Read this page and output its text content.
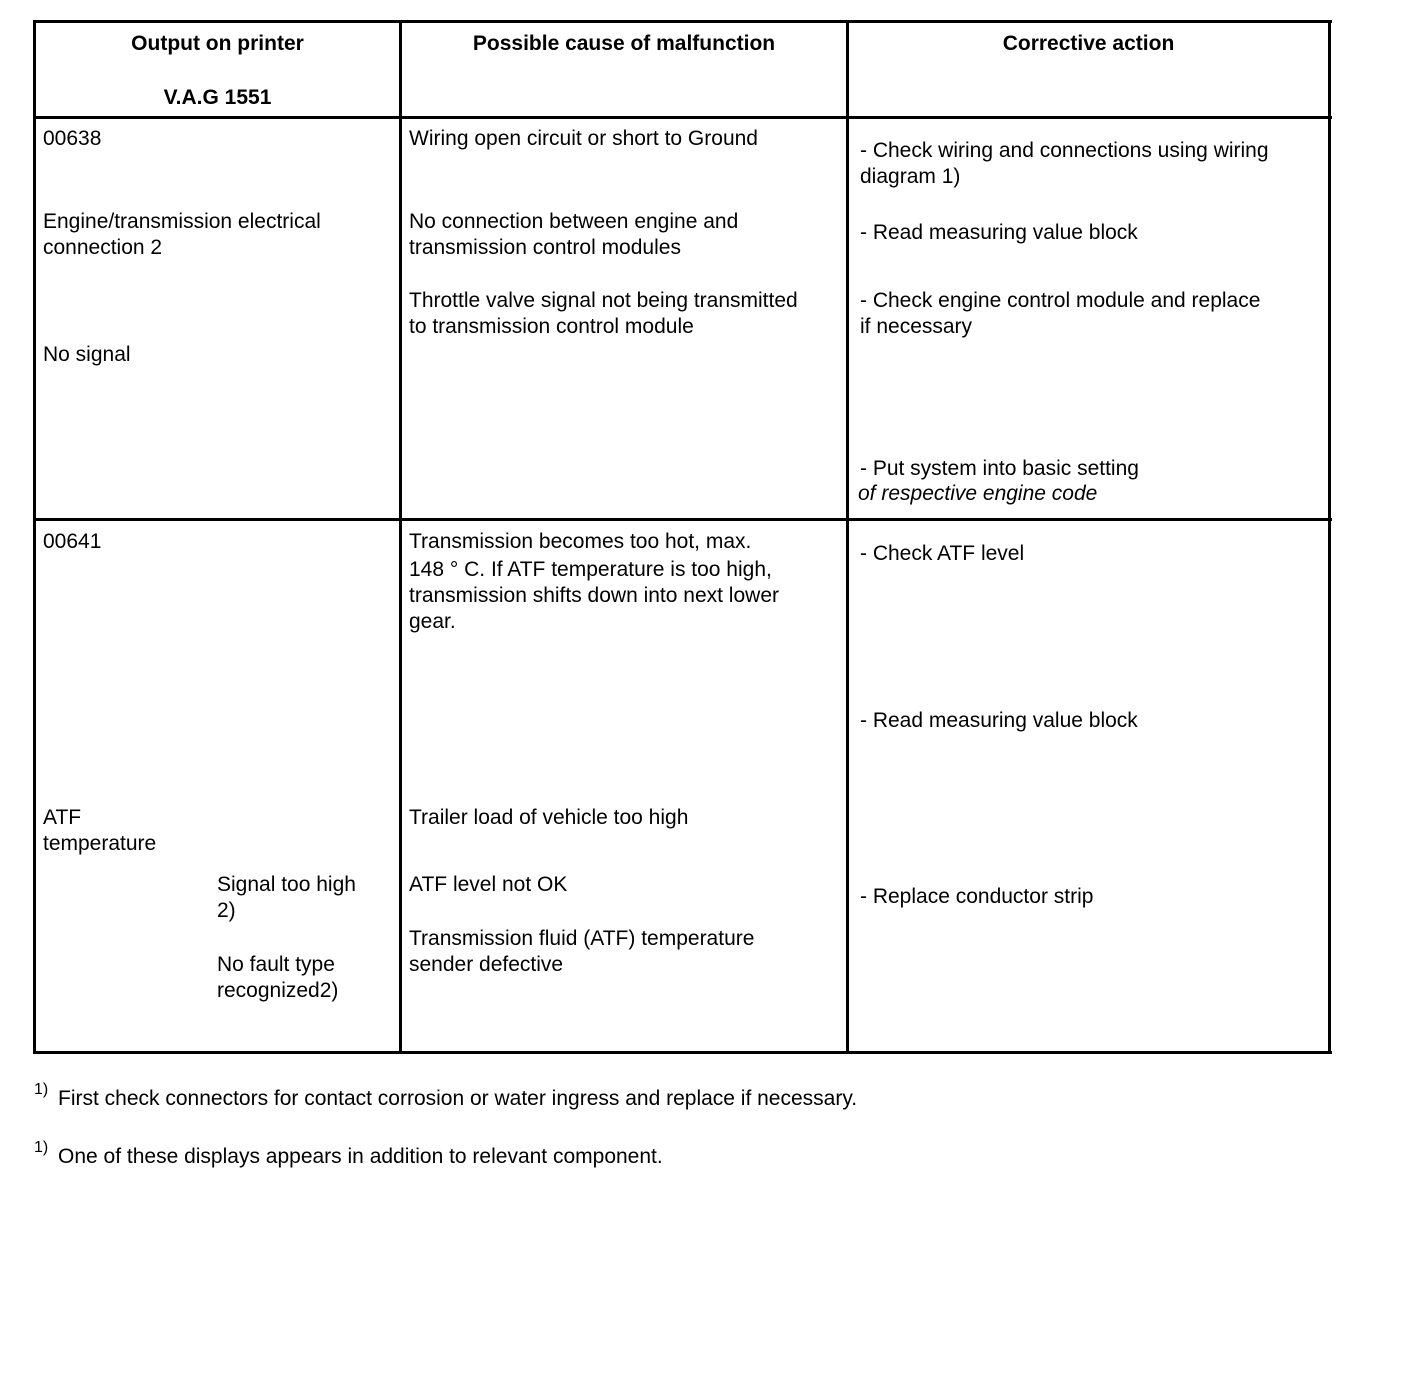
Output on printer
V.A.G 1551
Possible cause of malfunction	Corrective action
00638
Engine/transmission electrical
connection 2
No signal
Wiring open circuit or short to Ground
No connection between engine and
transmission control modules
Throttle valve signal not being transmitted
to transmission control module
- Check wiring and connections using wiring
diagram 1)
- Read measuring value block
- Check engine control module and replace
if necessary
- Put system into basic setting
of respective engine code
00641
ATF
temperature
Signal too high
2)
No fault type
recognized2)
Transmission becomes too hot, max.
148 ° C. If ATF temperature is too high,
transmission shifts down into next lower
gear.
Trailer load of vehicle too high
ATF level not OK
Transmission fluid (ATF) temperature
sender defective
- Check ATF level
- Read measuring value block
- Replace conductor strip
1) First check connectors for contact corrosion or water ingress and replace if necessary.
1) One of these displays appears in addition to relevant component.
